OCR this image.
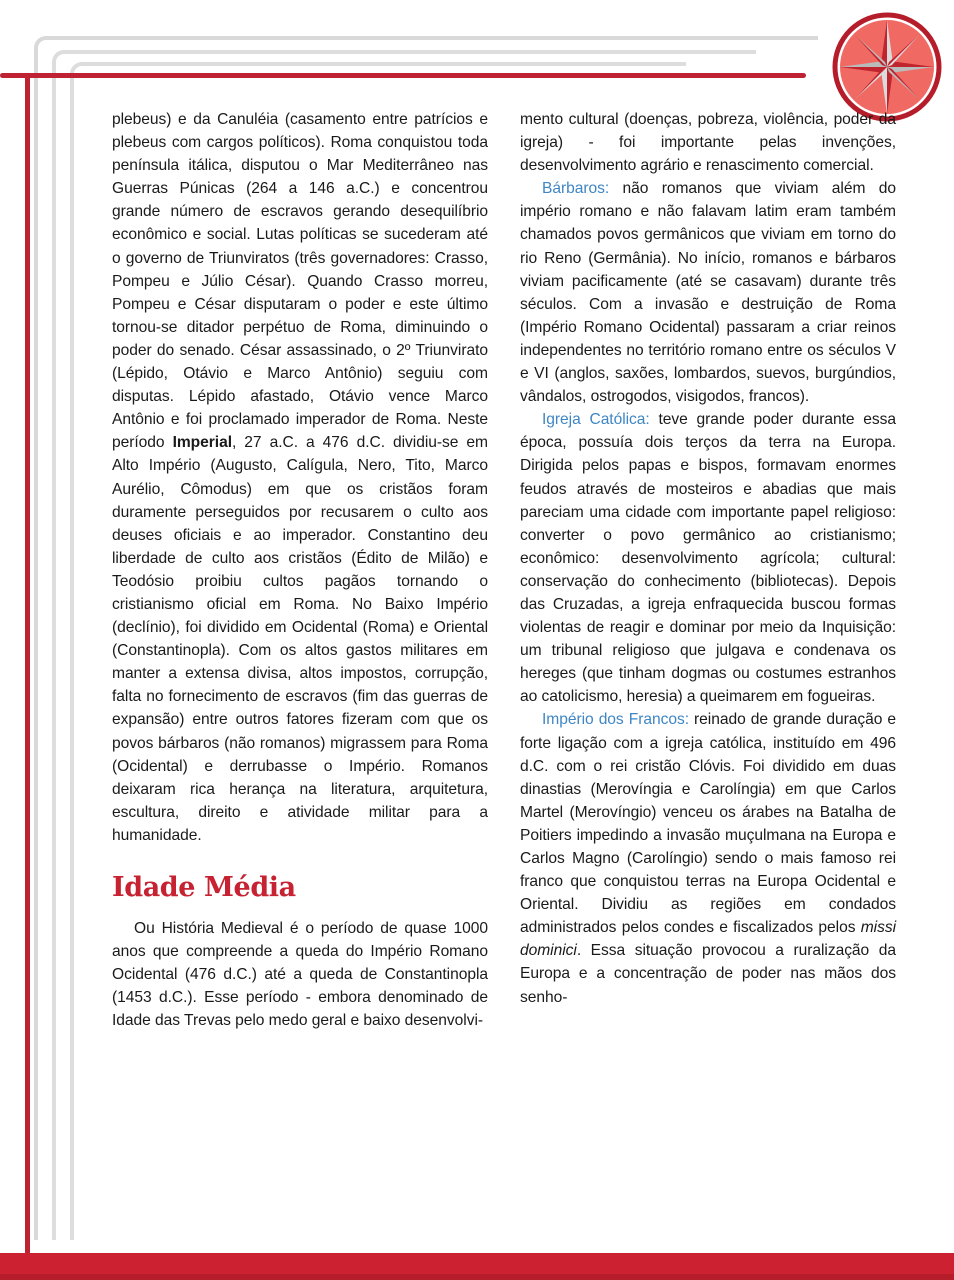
plebeus) e da Canuléia (casamento entre patrícios e plebeus com cargos políticos). Roma conquistou toda península itálica, disputou o Mar Mediterrâneo nas Guerras Púnicas (264 a 146 a.C.) e concentrou grande número de escravos gerando desequilíbrio econômico e social. Lutas políticas se sucederam até o governo de Triunviratos (três governadores: Crasso, Pompeu e Júlio César). Quando Crasso morreu, Pompeu e César disputaram o poder e este último tornou-se ditador perpétuo de Roma, diminuindo o poder do senado. César assassinado, o 2º Triunvirato (Lépido, Otávio e Marco Antônio) seguiu com disputas. Lépido afastado, Otávio vence Marco Antônio e foi proclamado imperador de Roma. Neste período Imperial, 27 a.C. a 476 d.C. dividiu-se em Alto Império (Augusto, Calígula, Nero, Tito, Marco Aurélio, Cômodus) em que os cristãos foram duramente perseguidos por recusarem o culto aos deuses oficiais e ao imperador. Constantino deu liberdade de culto aos cristãos (Édito de Milão) e Teodósio proibiu cultos pagãos tornando o cristianismo oficial em Roma. No Baixo Império (declínio), foi dividido em Ocidental (Roma) e Oriental (Constantinopla). Com os altos gastos militares em manter a extensa divisa, altos impostos, corrupção, falta no fornecimento de escravos (fim das guerras de expansão) entre outros fatores fizeram com que os povos bárbaros (não romanos) migrassem para Roma (Ocidental) e derrubasse o Império. Romanos deixaram rica herança na literatura, arquitetura, escultura, direito e atividade militar para a humanidade.

Idade Média

Ou História Medieval é o período de quase 1000 anos que compreende a queda do Império Romano Ocidental (476 d.C.) até a queda de Constantinopla (1453 d.C.). Esse período - embora denominado de Idade das Trevas pelo medo geral e baixo desenvolvi-

mento cultural (doenças, pobreza, violência, poder da igreja) - foi importante pelas invenções, desenvolvimento agrário e renascimento comercial.

Bárbaros: não romanos que viviam além do império romano e não falavam latim eram também chamados povos germânicos que viviam em torno do rio Reno (Germânia). No início, romanos e bárbaros viviam pacificamente (até se casavam) durante três séculos. Com a invasão e destruição de Roma (Império Romano Ocidental) passaram a criar reinos independentes no território romano entre os séculos V e VI (anglos, saxões, lombardos, suevos, burgúndios, vândalos, ostrogodos, visigodos, francos).

Igreja Católica: teve grande poder durante essa época, possuía dois terços da terra na Europa. Dirigida pelos papas e bispos, formavam enormes feudos através de mosteiros e abadias que mais pareciam uma cidade com importante papel religioso: converter o povo germânico ao cristianismo; econômico: desenvolvimento agrícola; cultural: conservação do conhecimento (bibliotecas). Depois das Cruzadas, a igreja enfraquecida buscou formas violentas de reagir e dominar por meio da Inquisição: um tribunal religioso que julgava e condenava os hereges (que tinham dogmas ou costumes estranhos ao catolicismo, heresia) a queimarem em fogueiras.

Império dos Francos: reinado de grande duração e forte ligação com a igreja católica, instituído em 496 d.C. com o rei cristão Clóvis. Foi dividido em duas dinastias (Merovíngia e Carolíngia) em que Carlos Martel (Merovíngio) venceu os árabes na Batalha de Poitiers impedindo a invasão muçulmana na Europa e Carlos Magno (Carolíngio) sendo o mais famoso rei franco que conquistou terras na Europa Ocidental e Oriental. Dividiu as regiões em condados administrados pelos condes e fiscalizados pelos missi dominici. Essa situação provocou a ruralização da Europa e a concentração de poder nas mãos dos senho-
